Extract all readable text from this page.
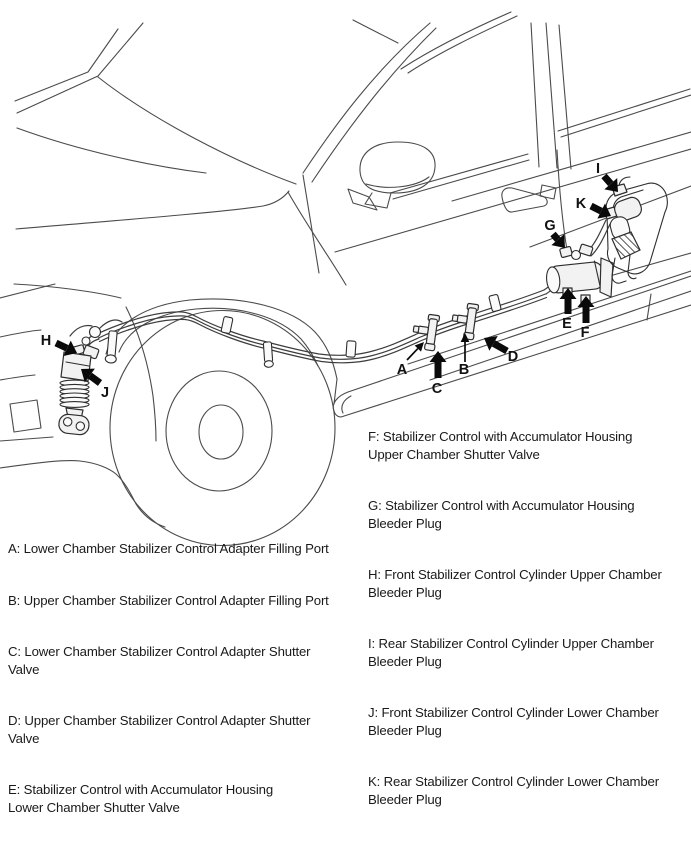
A	B
C
D
E
F
G
H
I
J
K
A: Lower Chamber Stabilizer Control Adapter Filling Port
B: Upper Chamber Stabilizer Control Adapter Filling Port
C: Lower Chamber Stabilizer Control Adapter Shutter
Valve
D: Upper Chamber Stabilizer Control Adapter Shutter
Valve
E: Stabilizer Control with Accumulator Housing
Lower Chamber Shutter Valve
F: Stabilizer Control with Accumulator Housing
Upper Chamber Shutter Valve
G: Stabilizer Control with Accumulator Housing
Bleeder Plug
H: Front Stabilizer Control Cylinder Upper Chamber
Bleeder Plug
I: Rear Stabilizer Control Cylinder Upper Chamber
Bleeder Plug
J: Front Stabilizer Control Cylinder Lower Chamber
Bleeder Plug
K: Rear Stabilizer Control Cylinder Lower Chamber
Bleeder Plug
